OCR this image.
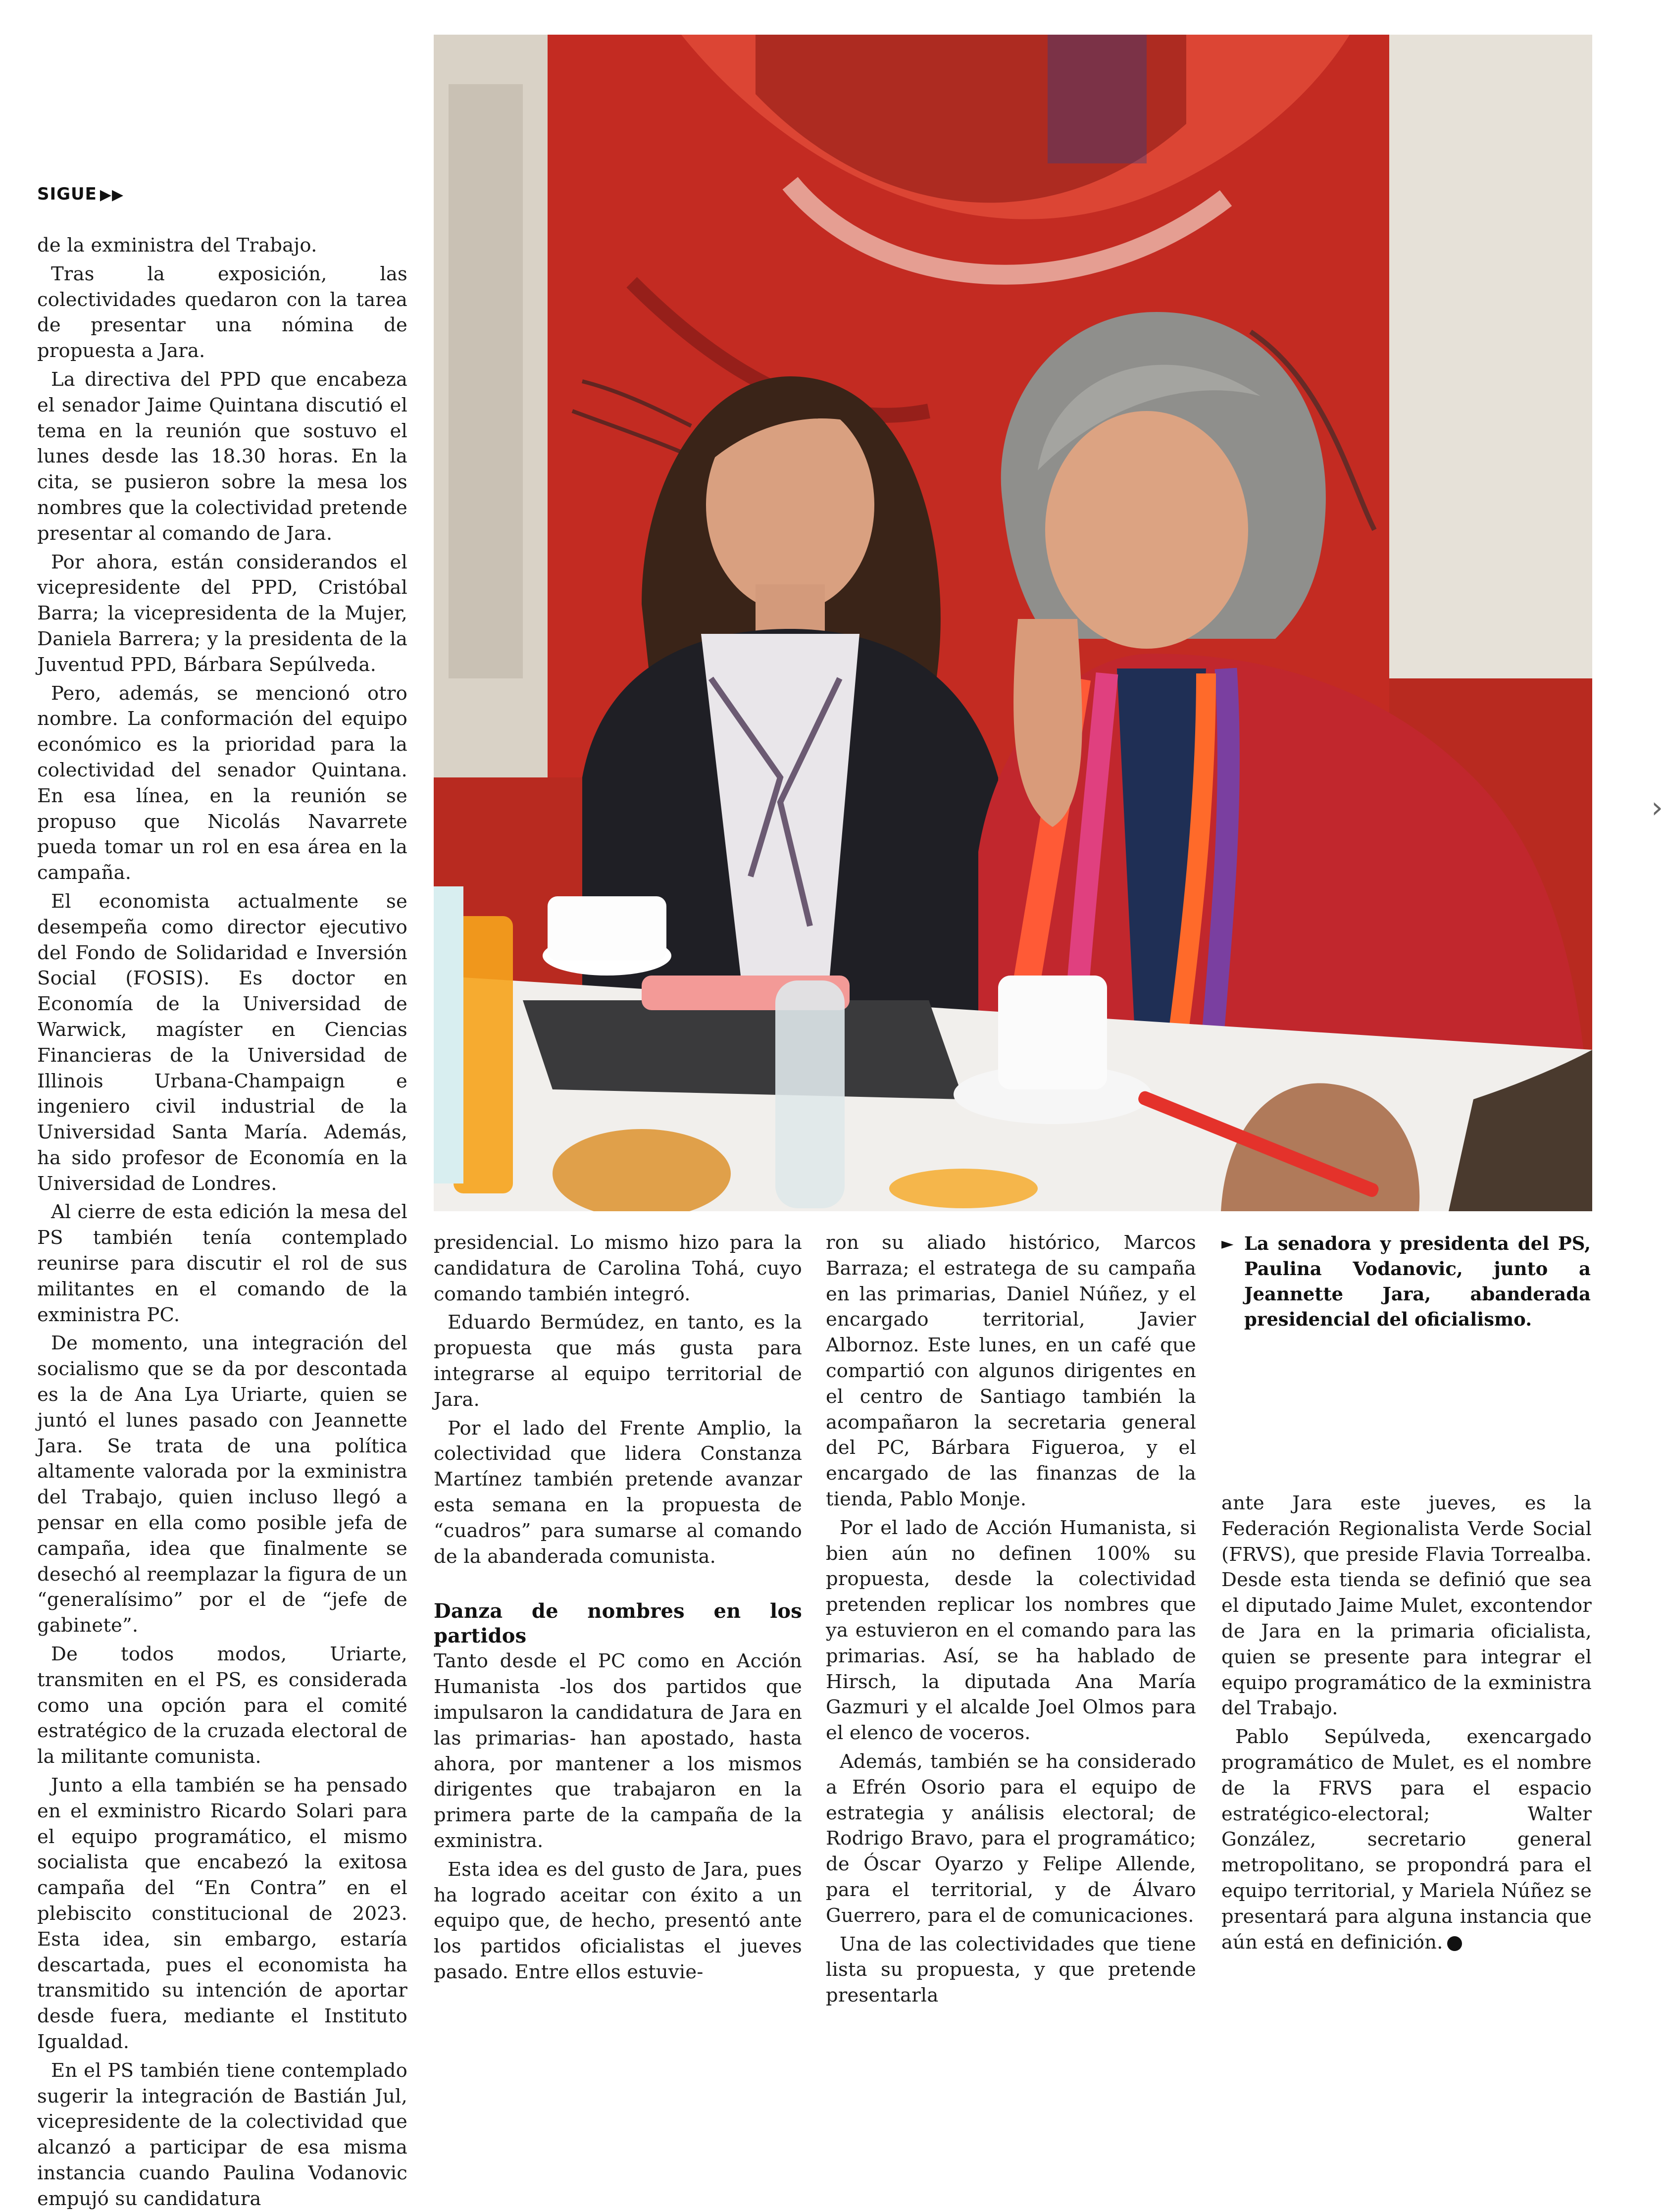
SIGUE ▶▶

de la exministra del Trabajo.

Tras la exposición, las colectividades quedaron con la tarea de presentar una nómina de propuesta a Jara.

La directiva del PPD que encabeza el senador Jaime Quintana discutió el tema en la reunión que sostuvo el lunes desde las 18.30 horas. En la cita, se pusieron sobre la mesa los nombres que la colectividad pretende presentar al comando de Jara.

Por ahora, están considerandos el vicepresidente del PPD, Cristóbal Barra; la vicepresidenta de la Mujer, Daniela Barrera; y la presidenta de la Juventud PPD, Bárbara Sepúlveda.

Pero, además, se mencionó otro nombre. La conformación del equipo económico es la prioridad para la colectividad del senador Quintana. En esa línea, en la reunión se propuso que Nicolás Navarrete pueda tomar un rol en esa área en la campaña.

El economista actualmente se desempeña como director ejecutivo del Fondo de Solidaridad e Inversión Social (FOSIS). Es doctor en Economía de la Universidad de Warwick, magíster en Ciencias Financieras de la Universidad de Illinois Urbana-Champaign e ingeniero civil industrial de la Universidad Santa María. Además, ha sido profesor de Economía en la Universidad de Londres.

Al cierre de esta edición la mesa del PS también tenía contemplado reunirse para discutir el rol de sus militantes en el comando de la exministra PC.

De momento, una integración del socialismo que se da por descontada es la de Ana Lya Uriarte, quien se juntó el lunes pasado con Jeannette Jara. Se trata de una política altamente valorada por la exministra del Trabajo, quien incluso llegó a pensar en ella como posible jefa de campaña, idea que finalmente se desechó al reemplazar la figura de un “generalísimo” por el de “jefe de gabinete”.

De todos modos, Uriarte, transmiten en el PS, es considerada como una opción para el comité estratégico de la cruzada electoral de la militante comunista.

Junto a ella también se ha pensado en el exministro Ricardo Solari para el equipo programático, el mismo socialista que encabezó la exitosa campaña del “En Contra” en el plebiscito constitucional de 2023. Esta idea, sin embargo, estaría descartada, pues el economista ha transmitido su intención de aportar desde fuera, mediante el Instituto Igualdad.

En el PS también tiene contemplado sugerir la integración de Bastián Jul, vicepresidente de la colectividad que alcanzó a participar de esa misma instancia cuando Paulina Vodanovic empujó su candidatura

presidencial. Lo mismo hizo para la candidatura de Carolina Tohá, cuyo comando también integró.

Eduardo Bermúdez, en tanto, es la propuesta que más gusta para integrarse al equipo territorial de Jara.

Por el lado del Frente Amplio, la colectividad que lidera Constanza Martínez también pretende avanzar esta semana en la propuesta de “cuadros” para sumarse al comando de la abanderada comunista.

Danza de nombres en los partidos

Tanto desde el PC como en Acción Humanista -los dos partidos que impulsaron la candidatura de Jara en las primarias- han apostado, hasta ahora, por mantener a los mismos dirigentes que trabajaron en la primera parte de la campaña de la exministra.

Esta idea es del gusto de Jara, pues ha logrado aceitar con éxito a un equipo que, de hecho, presentó ante los partidos oficialistas el jueves pasado. Entre ellos estuvie-

ron su aliado histórico, Marcos Barraza; el estratega de su campaña en las primarias, Daniel Núñez, y el encargado territorial, Javier Albornoz. Este lunes, en un café que compartió con algunos dirigentes en el centro de Santiago también la acompañaron la secretaria general del PC, Bárbara Figueroa, y el encargado de las finanzas de la tienda, Pablo Monje.

Por el lado de Acción Humanista, si bien aún no definen 100% su propuesta, desde la colectividad pretenden replicar los nombres que ya estuvieron en el comando para las primarias. Así, se ha hablado de Hirsch, la diputada Ana María Gazmuri y el alcalde Joel Olmos para el elenco de voceros.

Además, también se ha considerado a Efrén Osorio para el equipo de estrategia y análisis electoral; de Rodrigo Bravo, para el programático; de Óscar Oyarzo y Felipe Allende, para el territorial, y de Álvaro Guerrero, para el de comunicaciones.

Una de las colectividades que tiene lista su propuesta, y que pretende presentarla

► La senadora y presidenta del PS, Paulina Vodanovic, junto a Jeannette Jara, abanderada presidencial del oficialismo.

ante Jara este jueves, es la Federación Regionalista Verde Social (FRVS), que preside Flavia Torrealba. Desde esta tienda se definió que sea el diputado Jaime Mulet, excontendor de Jara en la primaria oficialista, quien se presente para integrar el equipo programático de la exministra del Trabajo.

Pablo Sepúlveda, exencargado programático de Mulet, es el nombre de la FRVS para el espacio estratégico-electoral; Walter González, secretario general metropolitano, se propondrá para el equipo territorial, y Mariela Núñez se presentará para alguna instancia que aún está en definición.

›
